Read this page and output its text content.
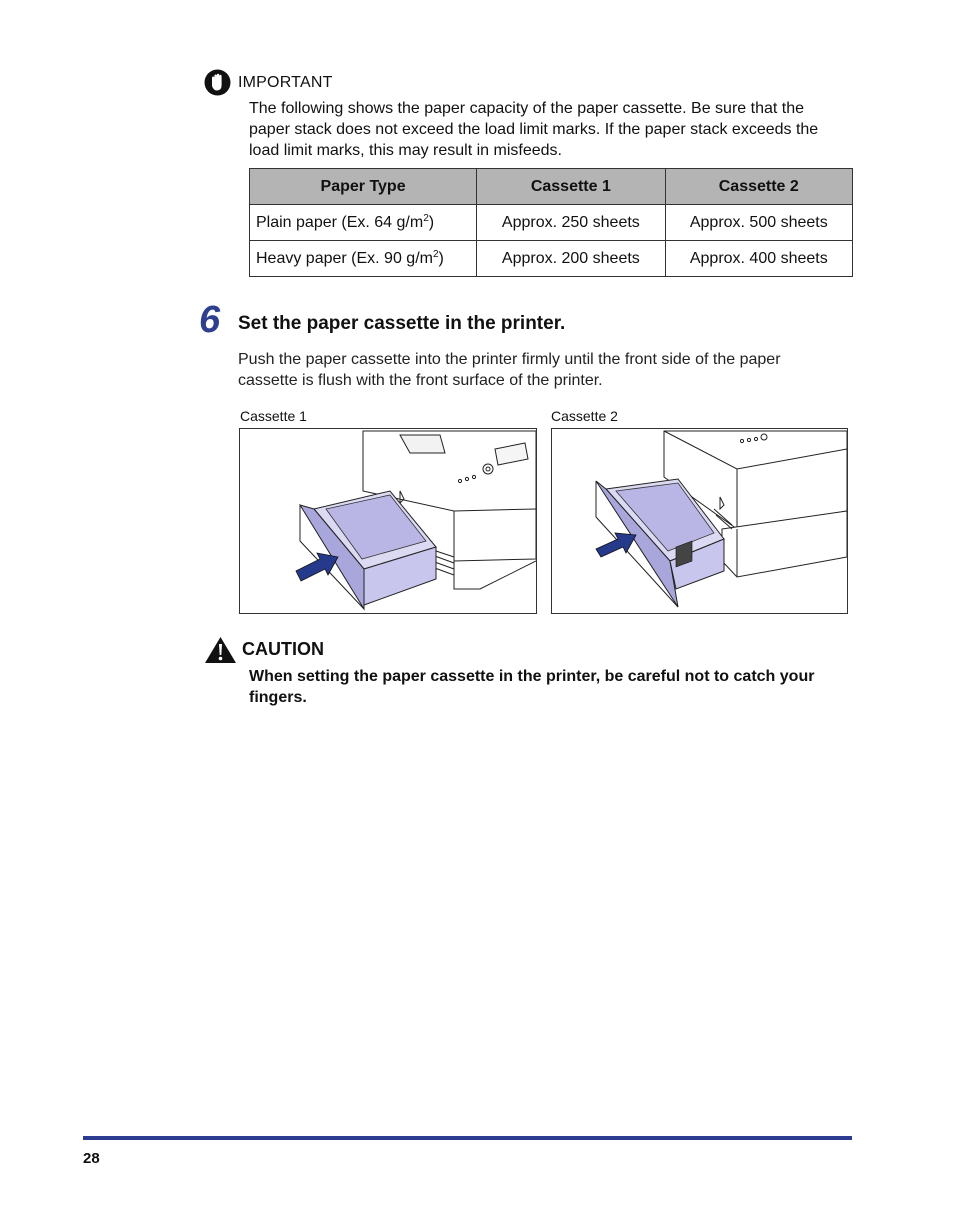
IMPORTANT
The following shows the paper capacity of the paper cassette. Be sure that the paper stack does not exceed the load limit marks. If the paper stack exceeds the load limit marks, this may result in misfeeds.
Paper Type	Cassette 1	Cassette 2
Plain paper (Ex. 64 $g/m^2$)	Approx. 250 sheets	Approx. 500 sheets
Heavy paper (Ex. 90 $g/m^2$)	Approx. 200 sheets	Approx. 400 sheets
6 Set the paper cassette in the printer.
Push the paper cassette into the printer firmly until the front side of the paper cassette is flush with the front surface of the printer.
Cassette 1	Cassette 2
CAUTION
When setting the paper cassette in the printer, be careful not to catch your fingers.
28
